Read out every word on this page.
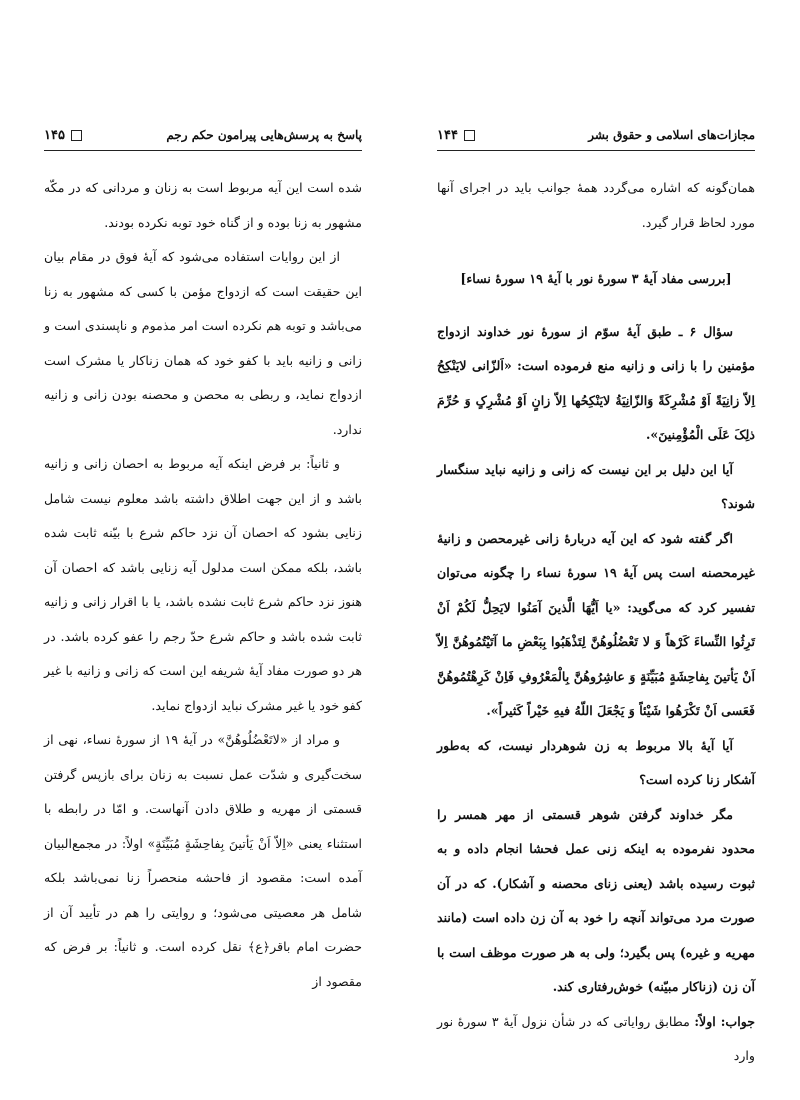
پاسخ به پرسش‌هایی پیرامون حکم رجم
۱۴۵

شده است این آیه مربوط است به زنان و مردانی که در مکّه مشهور به زنا بوده و از گناه خود توبه نکرده بودند.

از این روایات استفاده می‌شود که آیهٔ فوق در مقام بیان این حقیقت است که ازدواج مؤمن با کسی که مشهور به زنا می‌باشد و توبه هم نکرده است امر مذموم و ناپسندی است و زانی و زانیه باید با کفو خود که همان زناکار یا مشرک است ازدواج نماید، و ربطی به محصن و محصنه بودن زانی و زانیه ندارد.

و ثانیاً: بر فرض اینکه آیه مربوط به احصان زانی و زانیه باشد و از این جهت اطلاق داشته باشد معلوم نیست شامل زنایی بشود که احصان آن نزد حاکم شرع با بیّنه ثابت شده باشد، بلکه ممکن است مدلول آیه زنایی باشد که احصان آن هنوز نزد حاکم شرع ثابت نشده باشد، یا با اقرار زانی و زانیه ثابت شده باشد و حاکم شرع حدّ رجم را عفو کرده باشد. در هر دو صورت مفاد آیهٔ شریفه این است که زانی و زانیه با غیر کفو خود یا غیر مشرک نباید ازدواج نماید.

و مراد از «لاتَعْضُلُوهُنَّ» در آیهٔ ۱۹ از سورهٔ نساء، نهی از سخت‌گیری و شدّت عمل نسبت به زنان برای بازپس گرفتن قسمتی از مهریه و طلاق دادن آنهاست. و امّا در رابطه با استثناء یعنی «اِلاّ اَنْ یَأتینَ بِفاحِشَةٍ مُبَیِّنَةٍ» اولاً: در مجمع‌البیان آمده است: مقصود از فاحشه منحصراً زنا نمی‌باشد بلکه شامل هر معصیتی می‌شود؛ و روایتی را هم در تأیید آن از حضرت امام باقر﴿ع﴾ نقل کرده است. و ثانیاً: بر فرض که مقصود از

۱۴۴	مجازات‌های اسلامی و حقوق بشر

همان‌گونه که اشاره می‌گردد همهٔ جوانب باید در اجرای آنها مورد لحاظ قرار گیرد.

[بررسی مفاد آیهٔ ۳ سورهٔ نور با آیهٔ ۱۹ سورهٔ نساء]

سؤال ۶ ـ طبق آیهٔ سوّم از سورهٔ نور خداوند ازدواج مؤمنین را با زانی و زانیه منع فرموده است: «اَلزّانی لایَنْکِحُ اِلاّ زانِیَةً اَوْ مُشْرِکَةً وَالزّانِیَةُ لایَنْکِحُها اِلاّ زانٍ اَوْ مُشْرِکٍ وَ حُرِّمَ ذلِکَ عَلَی الْمُؤْمِنینَ».

آیا این دلیل بر این نیست که زانی و زانیه نباید سنگسار شوند؟

اگر گفته شود که این آیه دربارهٔ زانی غیرمحصن و زانیهٔ غیرمحصنه است پس آیهٔ ۱۹ سورهٔ نساء را چگونه می‌توان تفسیر کرد که می‌گوید: «یا اَیُّهَا الَّذینَ آمَنُوا لایَحِلُّ لَکُمْ اَنْ تَرِثُوا النِّساءَ کَرْهاً وَ لا تَعْضُلُوهُنَّ لِتَذْهَبُوا بِبَعْضِ ما آتَیْتُمُوهُنَّ اِلاّ اَنْ یَأتینَ بِفاحِشَةٍ مُبَیِّنَةٍ وَ عاشِرُوهُنَّ بِالْمَعْرُوفِ فَاِنْ کَرِهْتُمُوهُنَّ فَعَسی اَنْ تَکْرَهُوا شَیْئاً وَ یَجْعَلَ اللّهُ فیهِ خَیْراً کَثیراً».

آیا آیهٔ بالا مربوط به زن شوهردار نیست، که به‌طور آشکار زنا کرده است؟

مگر خداوند گرفتن شوهر قسمتی از مهر همسر را محدود نفرموده به اینکه زنی عمل فحشا انجام داده و به ثبوت رسیده باشد (یعنی زنای محصنه و آشکار). که در آن صورت مرد می‌تواند آنچه را خود به آن زن داده است (مانند مهریه و غیره) پس بگیرد؛ ولی به هر صورت موظف است با آن زن (زناکار مبیّنه) خوش‌رفتاری کند.

جواب: اولاً: مطابق روایاتی که در شأن نزول آیهٔ ۳ سورهٔ نور وارد
